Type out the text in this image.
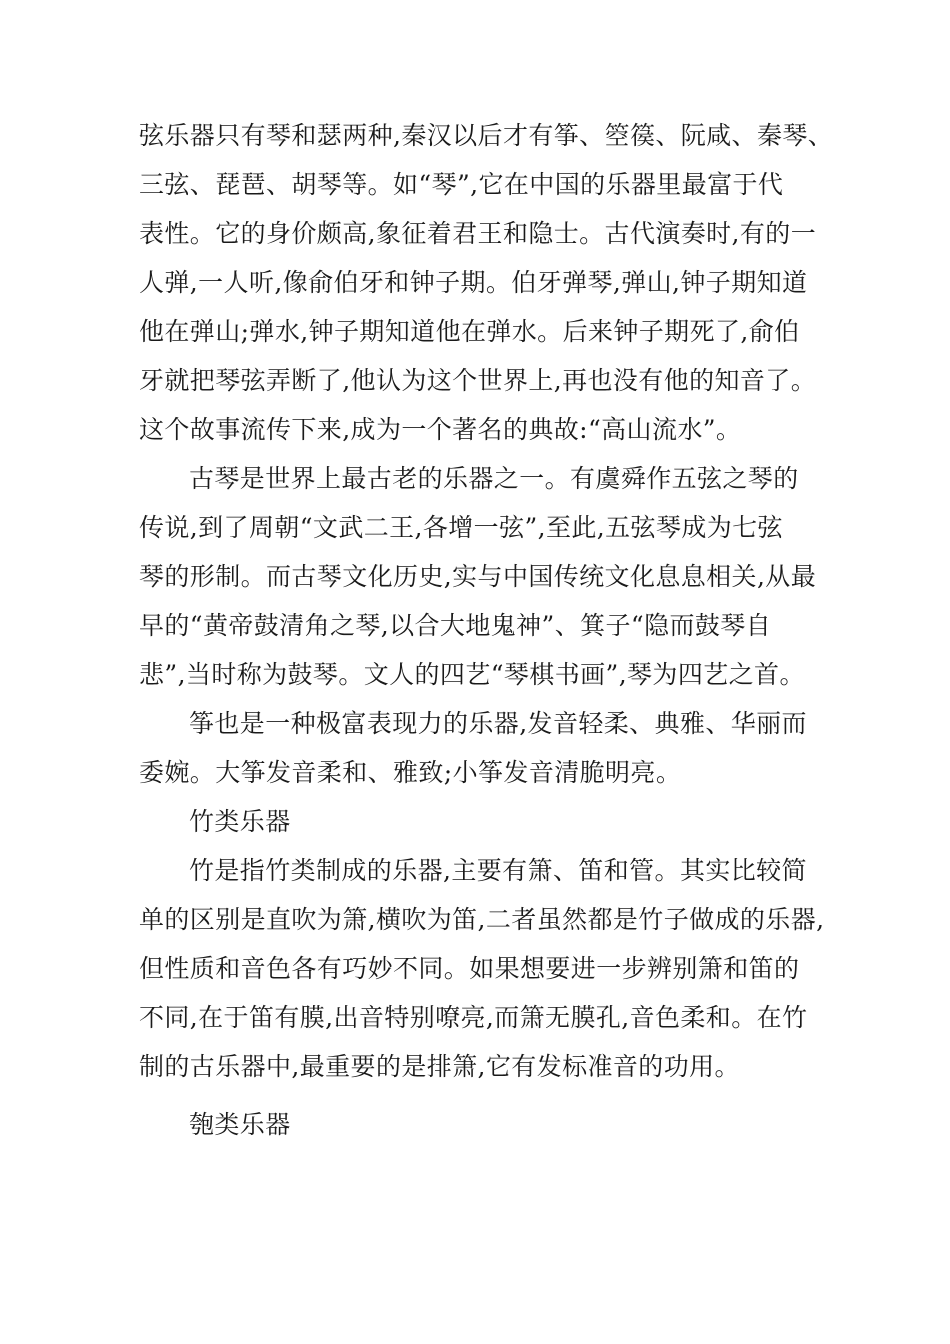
弦乐器只有琴和瑟两种,秦汉以后才有筝、箜篌、阮咸、秦琴、
三弦、琵琶、胡琴等。如“琴”,它在中国的乐器里最富于代
表性。它的身价颇高,象征着君王和隐士。古代演奏时,有的一
人弹,一人听,像俞伯牙和钟子期。伯牙弹琴,弹山,钟子期知道
他在弹山;弹水,钟子期知道他在弹水。后来钟子期死了,俞伯
牙就把琴弦弄断了,他认为这个世界上,再也没有他的知音了。
这个故事流传下来,成为一个著名的典故:“高山流水”。
古琴是世界上最古老的乐器之一。有虞舜作五弦之琴的
传说,到了周朝“文武二王,各增一弦”,至此,五弦琴成为七弦
琴的形制。而古琴文化历史,实与中国传统文化息息相关,从最
早的“黄帝鼓清角之琴,以合大地鬼神”、箕子“隐而鼓琴自
悲”,当时称为鼓琴。文人的四艺“琴棋书画”,琴为四艺之首。
筝也是一种极富表现力的乐器,发音轻柔、典雅、华丽而
委婉。大筝发音柔和、雅致;小筝发音清脆明亮。
竹类乐器
竹是指竹类制成的乐器,主要有箫、笛和管。其实比较简
单的区别是直吹为箫,横吹为笛,二者虽然都是竹子做成的乐器,
但性质和音色各有巧妙不同。如果想要进一步辨别箫和笛的
不同,在于笛有膜,出音特别嘹亮,而箫无膜孔,音色柔和。在竹
制的古乐器中,最重要的是排箫,它有发标准音的功用。
匏类乐器
